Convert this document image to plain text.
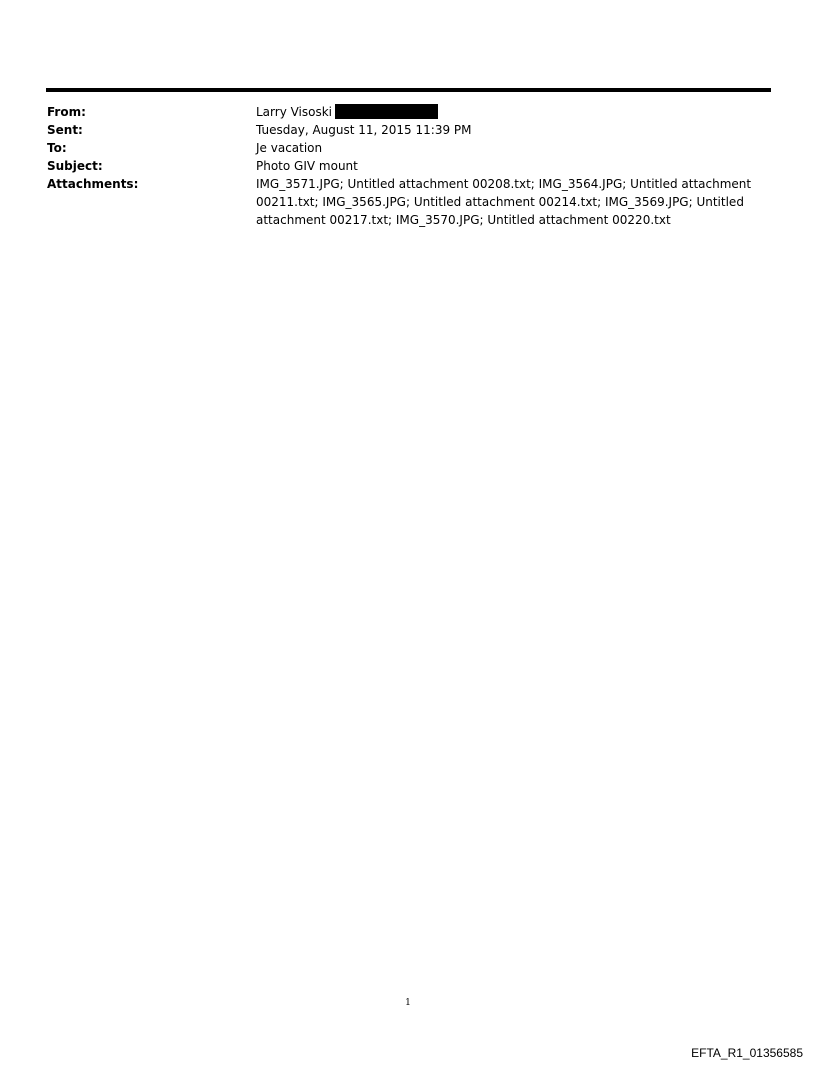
From:	Larry Visoski
Sent:	Tuesday, August 11, 2015 11:39 PM
To:	Je vacation
Subject:	Photo GIV mount
Attachments:	IMG_3571.JPG; Untitled attachment 00208.txt; IMG_3564.JPG; Untitled attachment 00211.txt; IMG_3565.JPG; Untitled attachment 00214.txt; IMG_3569.JPG; Untitled attachment 00217.txt; IMG_3570.JPG; Untitled attachment 00220.txt
1
EFTA_R1_01356585
